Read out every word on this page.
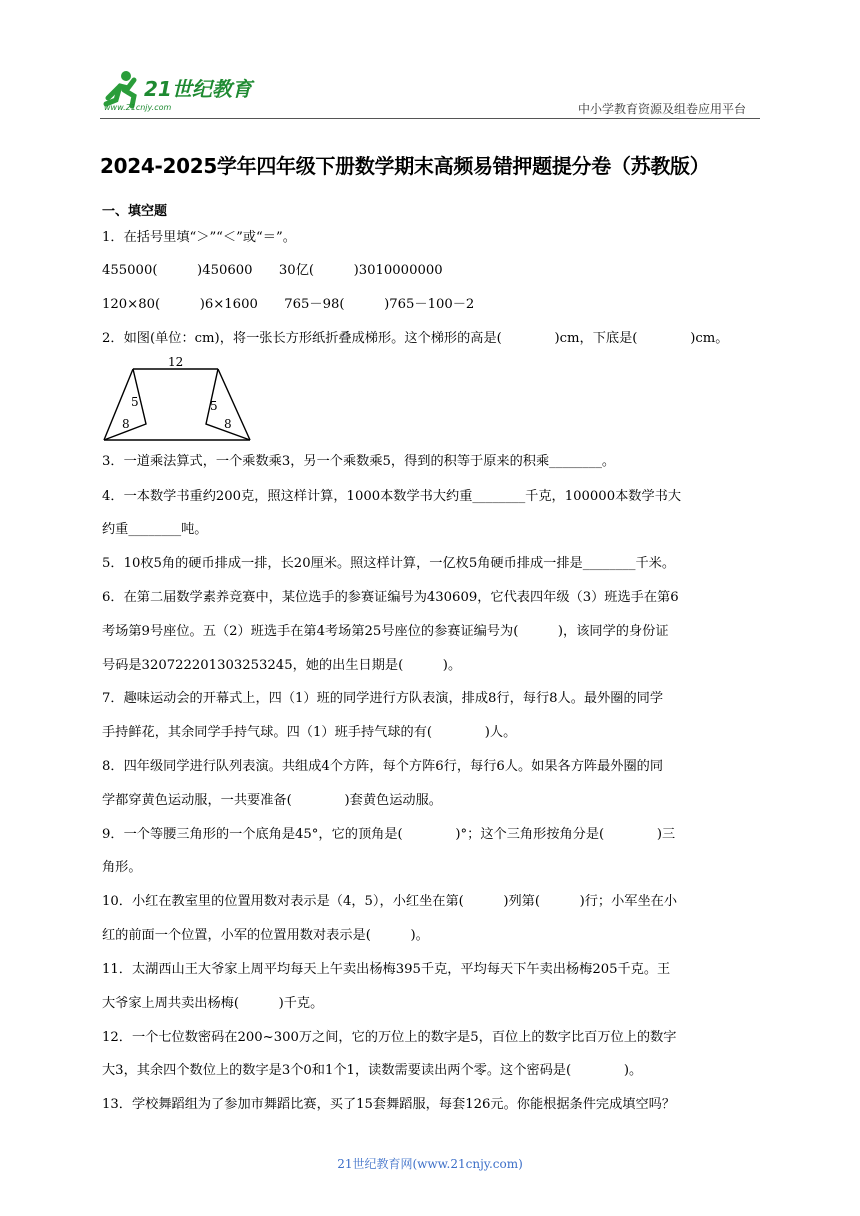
21世纪教育
www.21cnjy.com	中小学教育资源及组卷应用平台
2024-2025学年四年级下册数学期末高频易错押题提分卷（苏教版）
一、填空题
1．在括号里填“＞”“＜”或“＝”。
455000(　　　)450600　　30亿(　　　)3010000000
120×80(　　　)6×1600　　765－98(　　　)765－100－2
2．如图(单位：cm)，将一张长方形纸折叠成梯形。这个梯形的高是(　　　　)cm，下底是(　　　　)cm。
12
5
8
5
8
3．一道乘法算式，一个乘数乘3，另一个乘数乘5，得到的积等于原来的积乘________。
4．一本数学书重约200克，照这样计算，1000本数学书大约重________千克，100000本数学书大
约重________吨。
5．10枚5角的硬币排成一排，长20厘米。照这样计算，一亿枚5角硬币排成一排是________千米。
6．在第二届数学素养竞赛中，某位选手的参赛证编号为430609，它代表四年级（3）班选手在第6
考场第9号座位。五（2）班选手在第4考场第25号座位的参赛证编号为(　　　)，该同学的身份证
号码是320722201303253245，她的出生日期是(　　　)。
7．趣味运动会的开幕式上，四（1）班的同学进行方队表演，排成8行，每行8人。最外圈的同学
手持鲜花，其余同学手持气球。四（1）班手持气球的有(　　　　)人。
8．四年级同学进行队列表演。共组成4个方阵，每个方阵6行，每行6人。如果各方阵最外圈的同
学都穿黄色运动服，一共要准备(　　　　)套黄色运动服。
9．一个等腰三角形的一个底角是45°，它的顶角是(　　　　)°；这个三角形按角分是(　　　　)三
角形。
10．小红在教室里的位置用数对表示是（4，5），小红坐在第(　　　)列第(　　　)行；小军坐在小
红的前面一个位置，小军的位置用数对表示是(　　　)。
11．太湖西山王大爷家上周平均每天上午卖出杨梅395千克，平均每天下午卖出杨梅205千克。王
大爷家上周共卖出杨梅(　　　)千克。
12．一个七位数密码在200~300万之间，它的万位上的数字是5，百位上的数字比百万位上的数字
大3，其余四个数位上的数字是3个0和1个1，读数需要读出两个零。这个密码是(　　　　)。
13．学校舞蹈组为了参加市舞蹈比赛，买了15套舞蹈服，每套126元。你能根据条件完成填空吗？
21世纪教育网(www.21cnjy.com)
